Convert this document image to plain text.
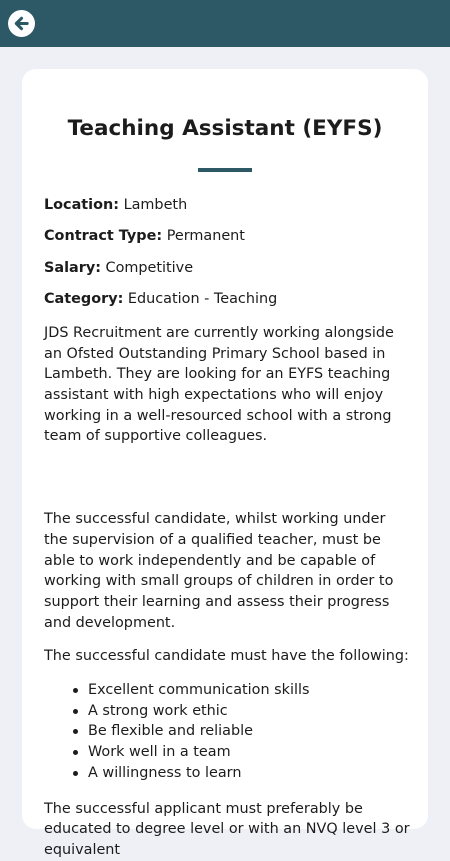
Teaching Assistant (EYFS)
Location: Lambeth
Contract Type: Permanent
Salary: Competitive
Category: Education - Teaching

JDS Recruitment are currently working alongside an Ofsted Outstanding Primary School based in Lambeth. They are looking for an EYFS teaching assistant with high expectations who will enjoy working in a well-resourced school with a strong team of supportive colleagues.

The successful candidate, whilst working under the supervision of a qualified teacher, must be able to work independently and be capable of working with small groups of children in order to support their learning and assess their progress and development.

The successful candidate must have the following:

Excellent communication skills
A strong work ethic
Be flexible and reliable
Work well in a team
A willingness to learn

The successful applicant must preferably be educated to degree level or with an NVQ level 3 or equivalent
